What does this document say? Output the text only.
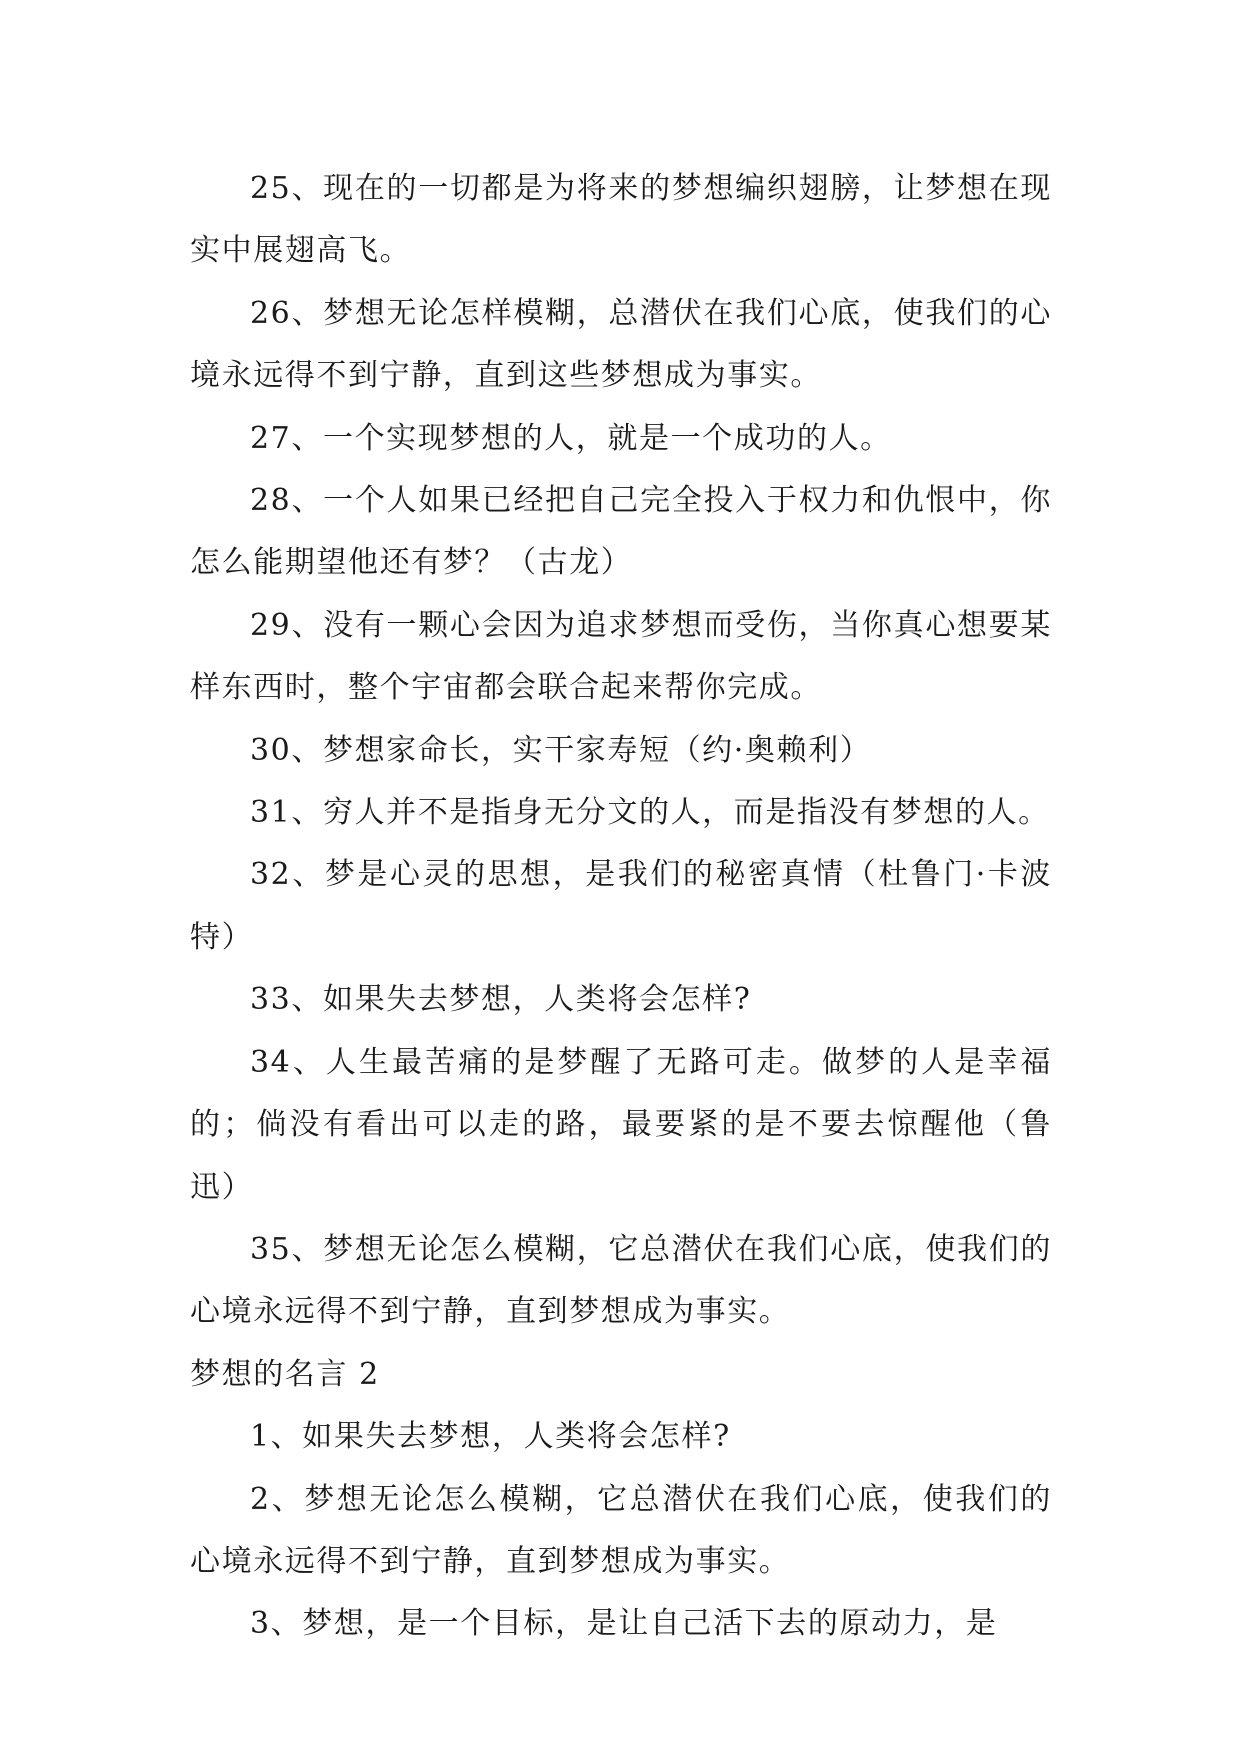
25、现在的一切都是为将来的梦想编织翅膀，让梦想在现实中展翅高飞。

26、梦想无论怎样模糊，总潜伏在我们心底，使我们的心境永远得不到宁静，直到这些梦想成为事实。

27、一个实现梦想的人，就是一个成功的人。

28、一个人如果已经把自己完全投入于权力和仇恨中，你怎么能期望他还有梦？（古龙）

29、没有一颗心会因为追求梦想而受伤，当你真心想要某样东西时，整个宇宙都会联合起来帮你完成。

30、梦想家命长，实干家寿短（约·奥赖利）

31、穷人并不是指身无分文的人，而是指没有梦想的人。

32、梦是心灵的思想，是我们的秘密真情（杜鲁门·卡波特）

33、如果失去梦想，人类将会怎样?

34、人生最苦痛的是梦醒了无路可走。做梦的人是幸福的；倘没有看出可以走的路，最要紧的是不要去惊醒他（鲁迅）

35、梦想无论怎么模糊，它总潜伏在我们心底，使我们的心境永远得不到宁静，直到梦想成为事实。

梦想的名言 2

1、如果失去梦想，人类将会怎样?

2、梦想无论怎么模糊，它总潜伏在我们心底，使我们的心境永远得不到宁静，直到梦想成为事实。

3、梦想，是一个目标，是让自己活下去的原动力，是
